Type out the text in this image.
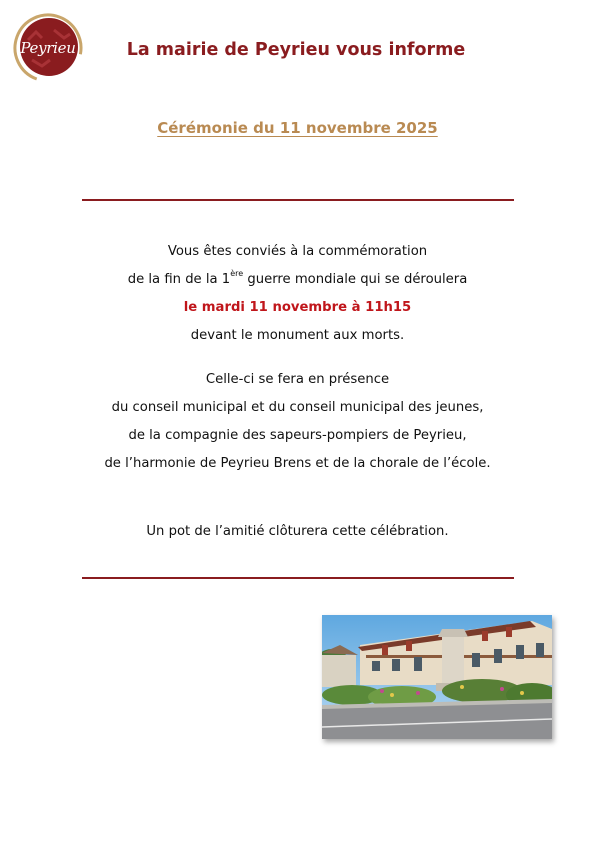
Peyrieu	La mairie de Peyrieu vous informe
Cérémonie du 11 novembre 2025
Vous êtes conviés à la commémoration
de la fin de la 1ère guerre mondiale qui se déroulera
le mardi 11 novembre à 11h15
devant le monument aux morts.
Celle-ci se fera en présence
du conseil municipal et du conseil municipal des jeunes,
de la compagnie des sapeurs-pompiers de Peyrieu,
de l’harmonie de Peyrieu Brens et de la chorale de l’école.
Un pot de l’amitié clôturera cette célébration.
